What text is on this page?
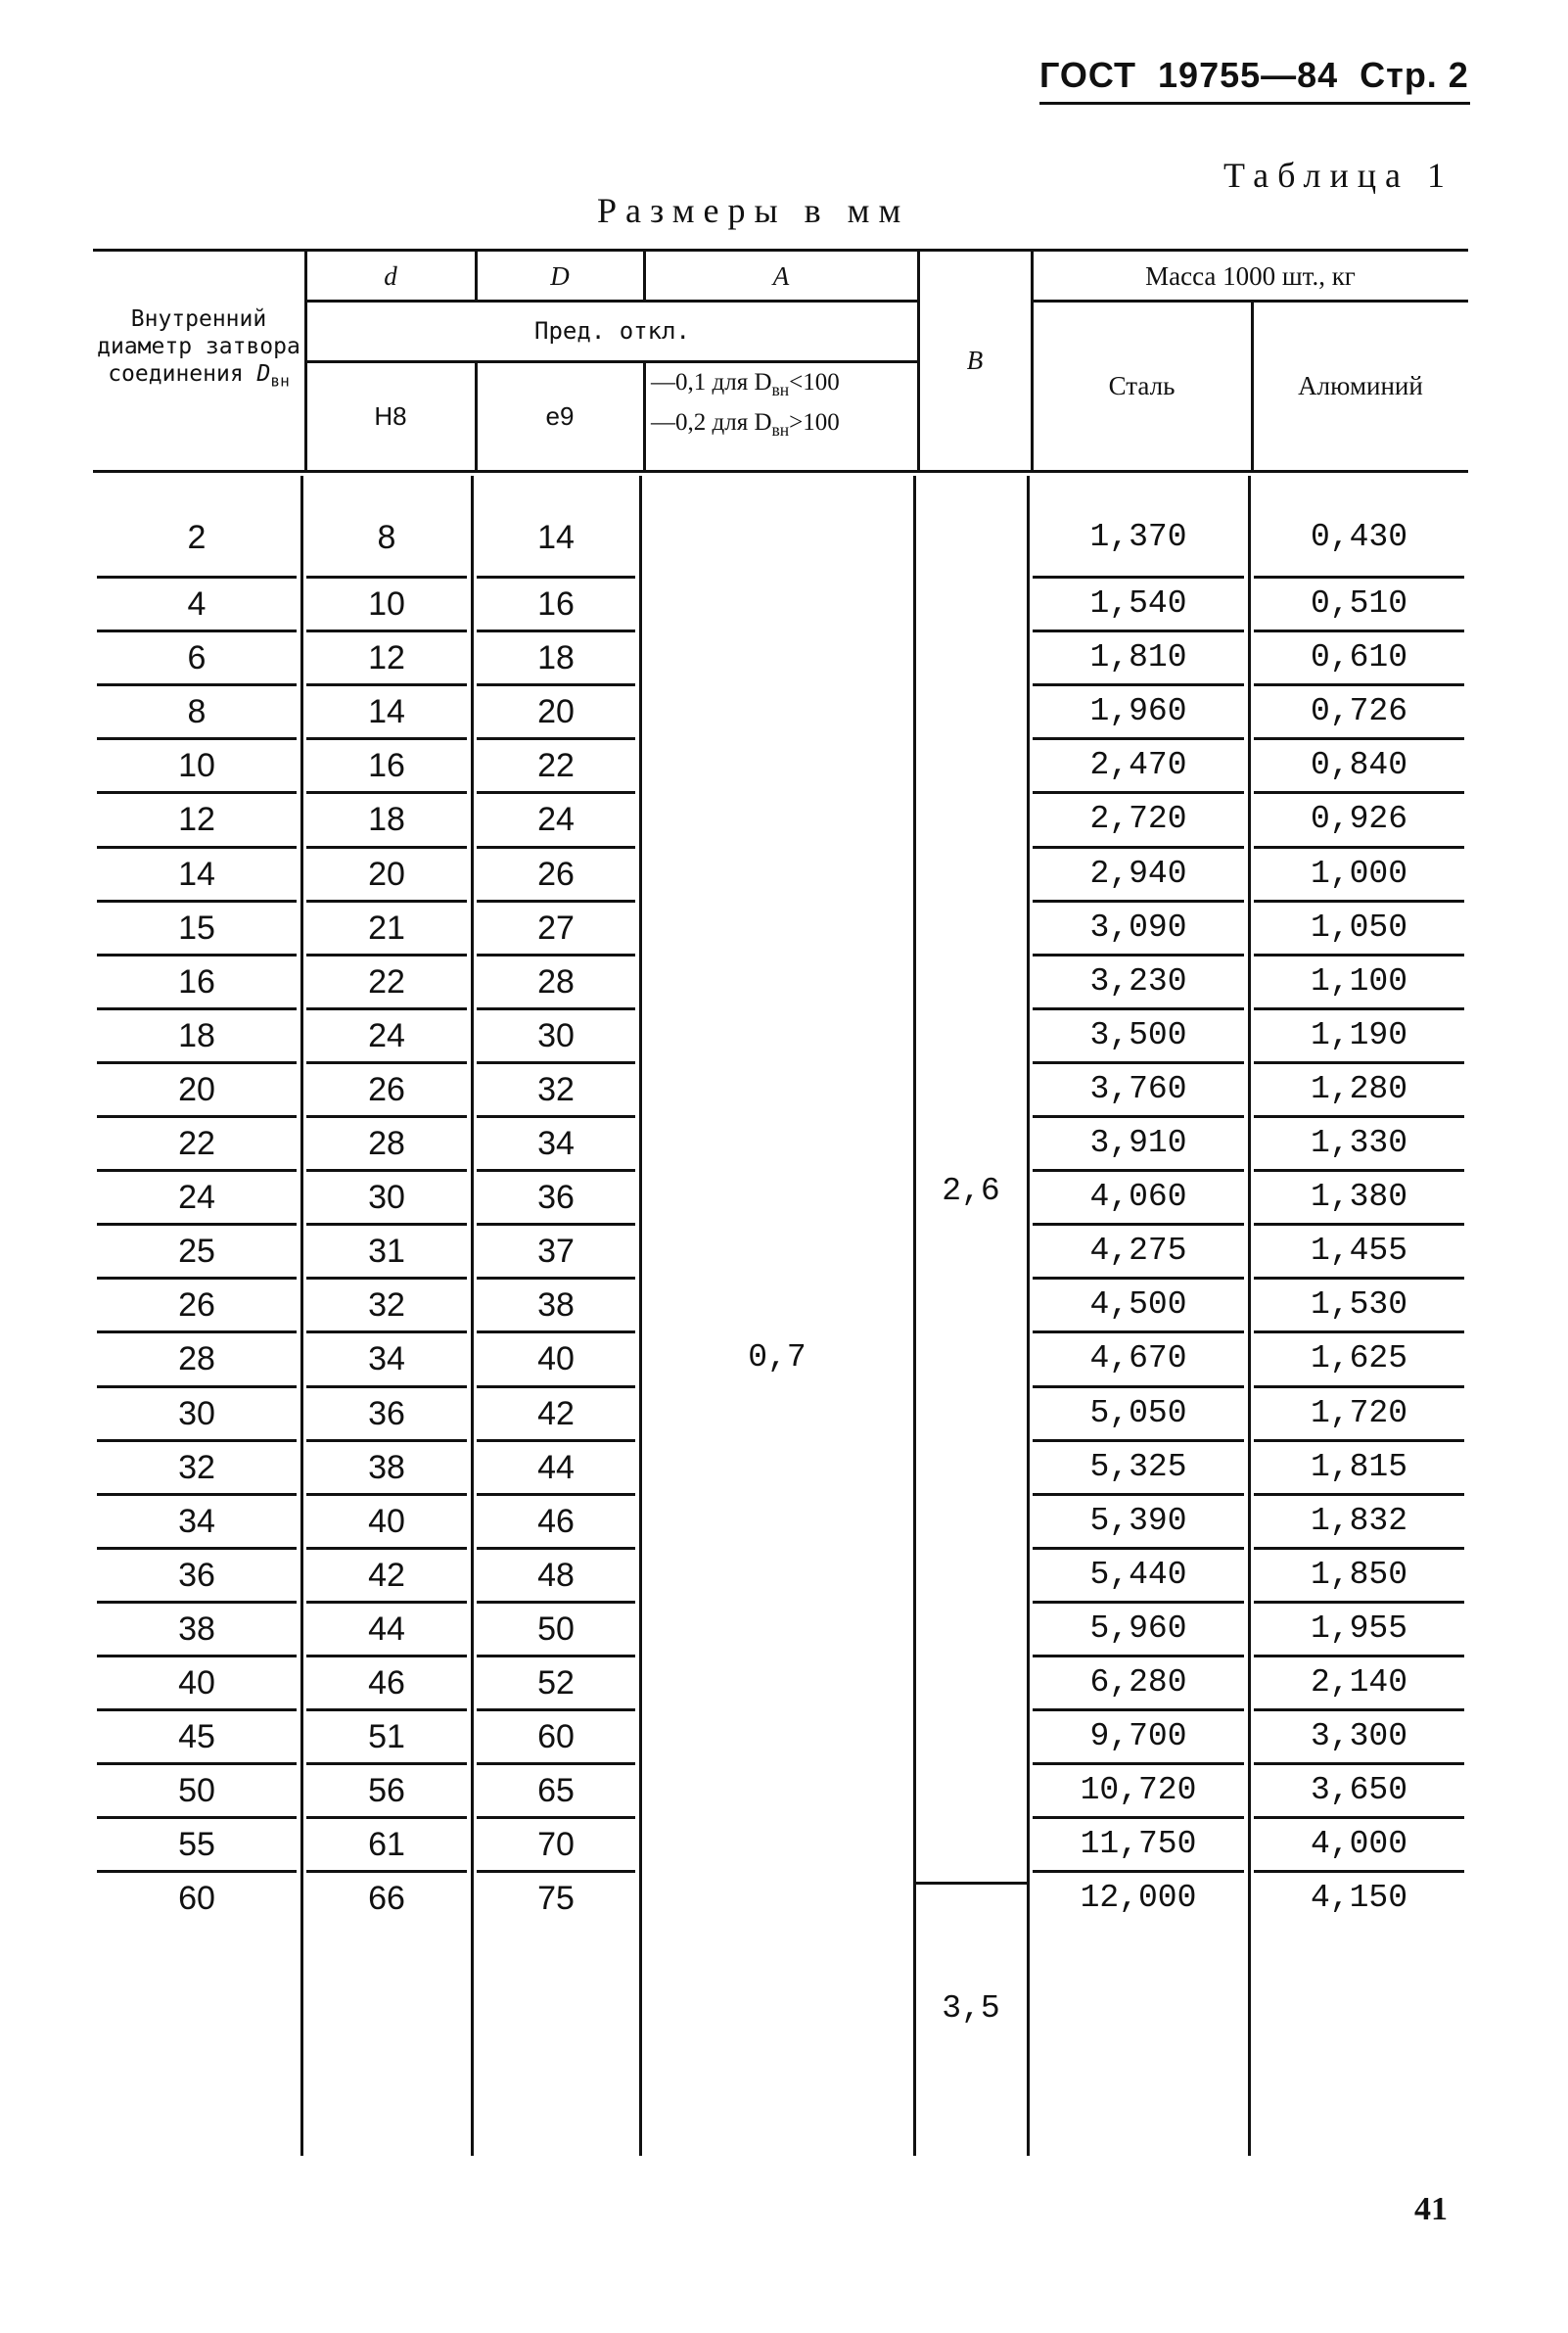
ГОСТ  19755—84  Стр. 2
Таблица 1
Размеры в мм
Внутренний диаметр затвора соединения $D_{вн}$
d	D	A
B
Масса 1000 шт., кг
Пред. откл.
H8	e9
—0,1 для $D_{вн}<100$
—0,2 для $D_{вн}>100$
Сталь	Алюминий
0,7
2,6
3,5
2	8	14	1,370	0,430
4	10	16	1,540	0,510
6	12	18	1,810	0,610
8	14	20	1,960	0,726
10	16	22	2,470	0,840
12	18	24	2,720	0,926
14	20	26	2,940	1,000
15	21	27	3,090	1,050
16	22	28	3,230	1,100
18	24	30	3,500	1,190
20	26	32	3,760	1,280
22	28	34	3,910	1,330
24	30	36	4,060	1,380
25	31	37	4,275	1,455
26	32	38	4,500	1,530
28	34	40	4,670	1,625
30	36	42	5,050	1,720
32	38	44	5,325	1,815
34	40	46	5,390	1,832
36	42	48	5,440	1,850
38	44	50	5,960	1,955
40	46	52	6,280	2,140
45	51	60	9,700	3,300
50	56	65	10,720	3,650
55	61	70	11,750	4,000
60	66	75	12,000	4,150
41
